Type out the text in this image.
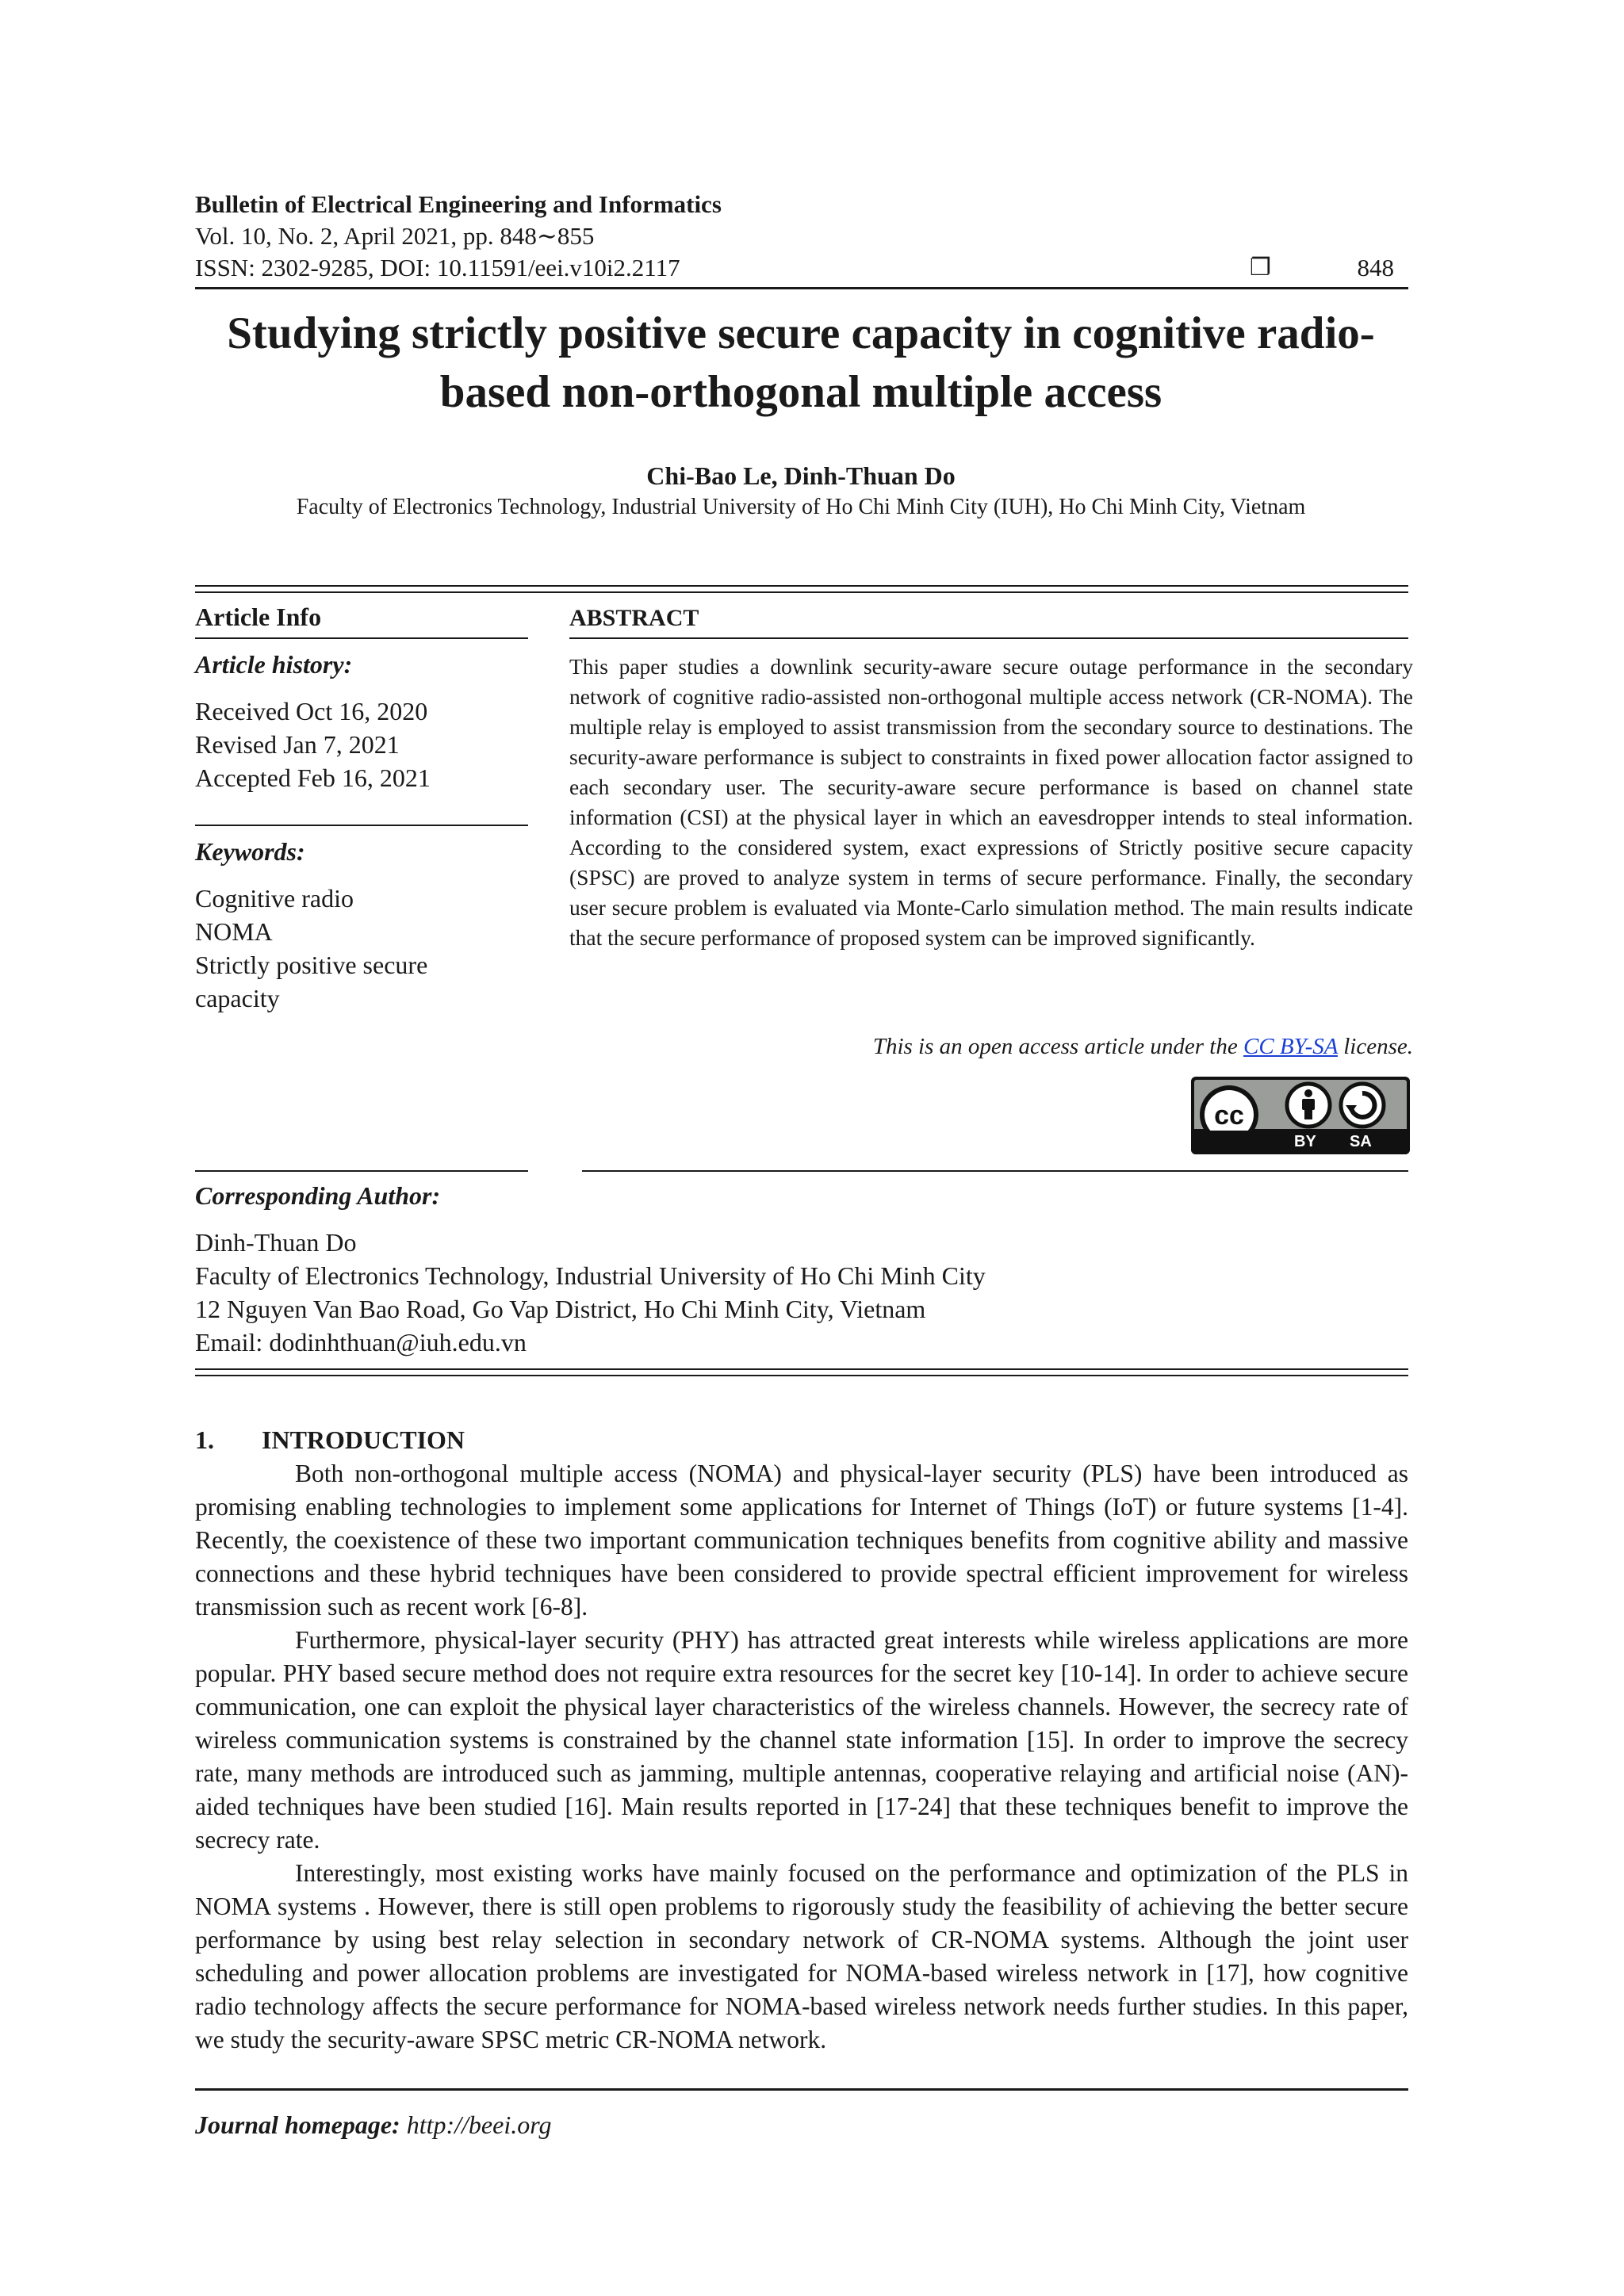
Bulletin of Electrical Engineering and Informatics
Vol. 10, No. 2, April 2021, pp. 848∼855
ISSN: 2302-9285, DOI: 10.11591/eei.v10i2.2117	❐	848
Studying strictly positive secure capacity in cognitive radio-based non-orthogonal multiple access
Chi-Bao Le, Dinh-Thuan Do
Faculty of Electronics Technology, Industrial University of Ho Chi Minh City (IUH), Ho Chi Minh City, Vietnam
Article Info
Article history:
Received Oct 16, 2020
Revised Jan 7, 2021
Accepted Feb 16, 2021
Keywords:
Cognitive radio
NOMA
Strictly positive secure
capacity
ABSTRACT
This paper studies a downlink security-aware secure outage performance in the secondary network of cognitive radio-assisted non-orthogonal multiple access network (CR-NOMA). The multiple relay is employed to assist transmission from the secondary source to destinations. The security-aware performance is subject to constraints in fixed power allocation factor assigned to each secondary user. The security-aware secure performance is based on channel state information (CSI) at the physical layer in which an eavesdropper intends to steal information. According to the considered system, exact expressions of Strictly positive secure capacity (SPSC) are proved to analyze system in terms of secure performance. Finally, the secondary user secure problem is evaluated via Monte-Carlo simulation method. The main results indicate that the secure performance of proposed system can be improved significantly.
This is an open access article under the CC BY-SA license.
cc
BY SA
Corresponding Author:
Dinh-Thuan Do
Faculty of Electronics Technology, Industrial University of Ho Chi Minh City
12 Nguyen Van Bao Road, Go Vap District, Ho Chi Minh City, Vietnam
Email: dodinhthuan@iuh.edu.vn
1. INTRODUCTION

Both non-orthogonal multiple access (NOMA) and physical-layer security (PLS) have been introduced as promising enabling technologies to implement some applications for Internet of Things (IoT) or future systems [1-4]. Recently, the coexistence of these two important communication techniques benefits from cognitive ability and massive connections and these hybrid techniques have been considered to provide spectral efficient improvement for wireless transmission such as recent work [6-8].

Furthermore, physical-layer security (PHY) has attracted great interests while wireless applications are more popular. PHY based secure method does not require extra resources for the secret key [10-14]. In order to achieve secure communication, one can exploit the physical layer characteristics of the wireless channels. However, the secrecy rate of wireless communication systems is constrained by the channel state information [15]. In order to improve the secrecy rate, many methods are introduced such as jamming, multiple antennas, cooperative relaying and artificial noise (AN)-aided techniques have been studied [16]. Main results reported in [17-24] that these techniques benefit to improve the secrecy rate.

Interestingly, most existing works have mainly focused on the performance and optimization of the PLS in NOMA systems . However, there is still open problems to rigorously study the feasibility of achieving the better secure performance by using best relay selection in secondary network of CR-NOMA systems. Although the joint user scheduling and power allocation problems are investigated for NOMA-based wireless network in [17], how cognitive radio technology affects the secure performance for NOMA-based wireless network needs further studies. In this paper, we study the security-aware SPSC metric CR-NOMA network.

Journal homepage: http://beei.org
